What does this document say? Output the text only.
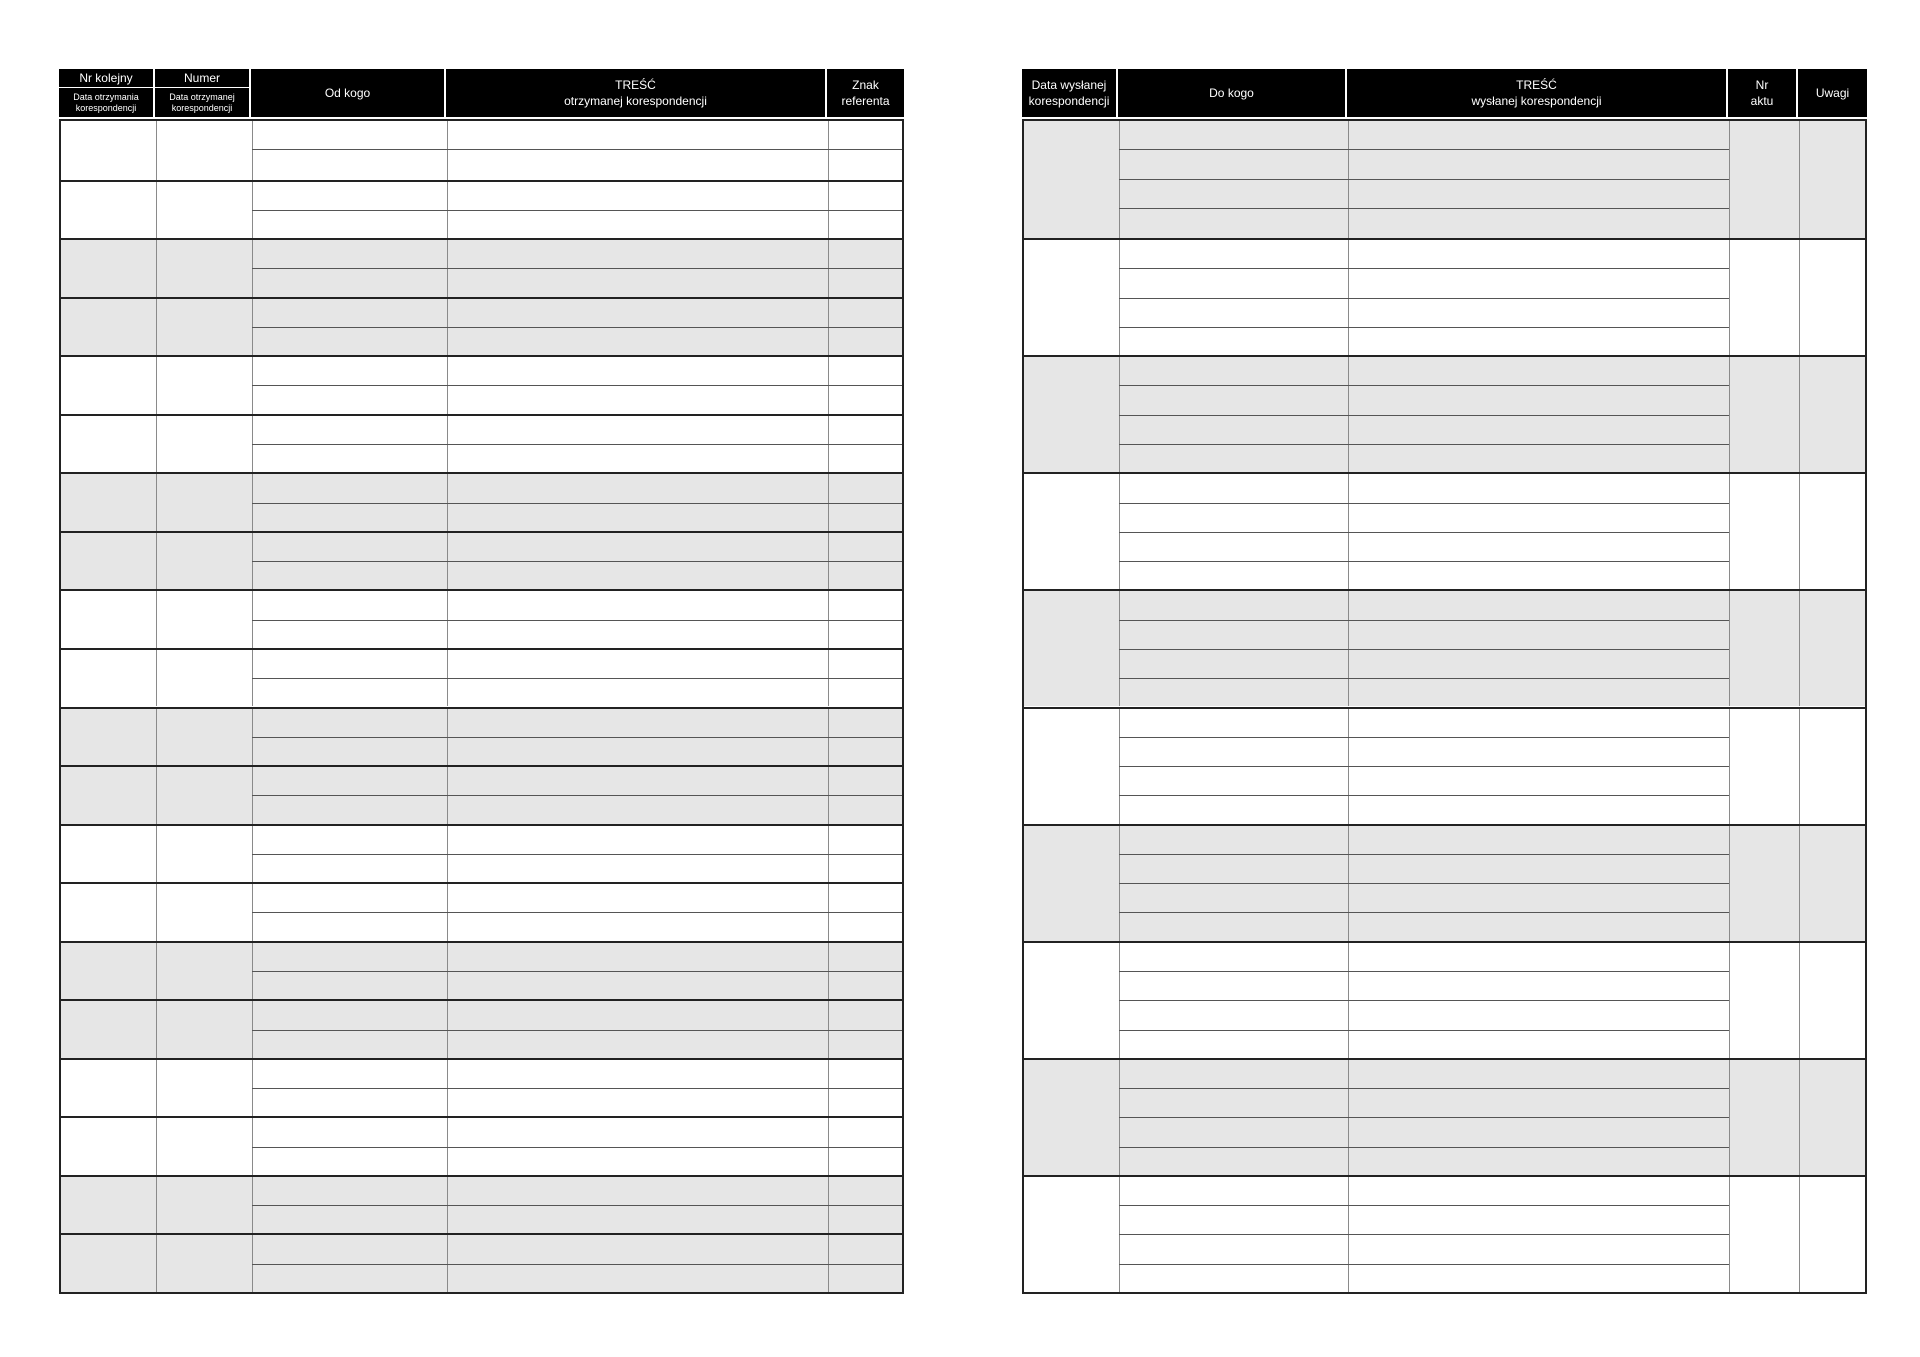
Nr kolejny
Data otrzymania korespondencji
Numer
Data otrzymanej korespondencji
Od kogo
TREŚĆ
otrzymanej korespondencji
Znak
referenta
Data wysłanej
korespondencji
Do kogo
TREŚĆ
wysłanej korespondencji
Nr
aktu
Uwagi
